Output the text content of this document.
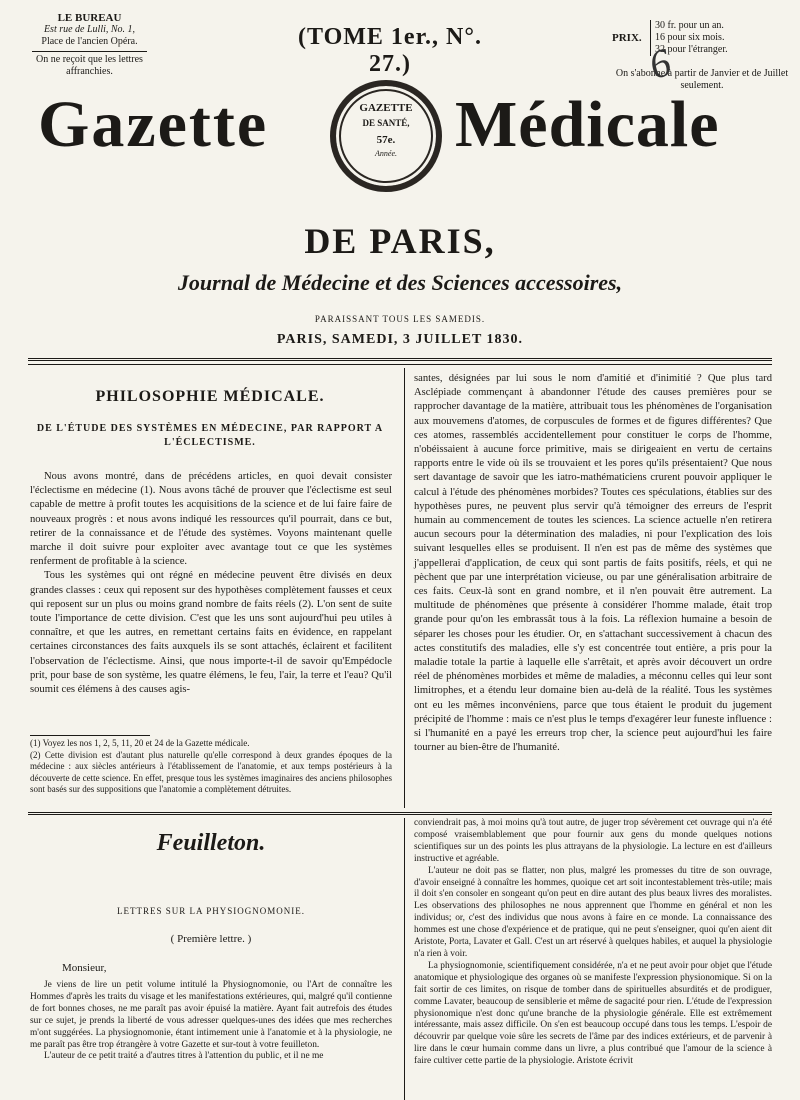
LE BUREAU
Est rue de Lulli, No. 1,
Place de l'ancien Opéra.
On ne reçoit que les lettres affranchies.
(TOME 1er., N°. 27.)
PRIX.
30 fr. pour un an.
16 pour six mois.
32 pour l'étranger.
On s'abonne à partir de Janvier et de Juillet seulement.
6
Gazette	GAZETTE
DE SANTÉ,
57e.
Année. Médicale
DE PARIS,
Journal de Médecine et des Sciences accessoires,
PARAISSANT TOUS LES SAMEDIS.
PARIS, SAMEDI, 3 JUILLET 1830.
PHILOSOPHIE MÉDICALE.
DE L'ÉTUDE DES SYSTÈMES EN MÉDECINE, PAR RAPPORT A L'ÉCLECTISME.

Nous avons montré, dans de précédens articles, en quoi devait consister l'éclectisme en médecine (1). Nous avons tâché de prouver que l'éclectisme est seul capable de mettre à profit toutes les acquisitions de la science et de lui faire faire de nouveaux progrès : et nous avons indiqué les ressources qu'il pourrait, dans ce but, retirer de la connaissance et de l'étude des systèmes. Voyons maintenant quelle marche il doit suivre pour exploiter avec avantage tout ce que les systèmes renferment de profitable à la science.

Tous les systèmes qui ont régné en médecine peuvent être divisés en deux grandes classes : ceux qui reposent sur des hypothèses complètement fausses et ceux qui reposent sur un plus ou moins grand nombre de faits réels (2). L'on sent de suite toute l'importance de cette division. C'est que les uns sont aujourd'hui peu utiles à connaître, et que les autres, en remettant certains faits en évidence, en rappelant certaines circonstances des faits auxquels ils se sont attachés, éclairent et facilitent l'observation de l'éclectisme. Ainsi, que nous importe-t-il de savoir qu'Empédocle prit, pour base de son système, les quatre élémens, le feu, l'air, la terre et l'eau? Qu'il soumit ces élémens à des causes agis-

(1) Voyez les nos 1, 2, 5, 11, 20 et 24 de la Gazette médicale.
(2) Cette division est d'autant plus naturelle qu'elle correspond à deux grandes époques de la médecine : aux siècles antérieurs à l'établissement de l'anatomie, et aux temps postérieurs à la découverte de cette science. En effet, presque tous les systèmes imaginaires des anciens philosophes sont basés sur des suppositions que l'anatomie a complètement détruites.

santes, désignées par lui sous le nom d'amitié et d'inimitié ? Que plus tard Asclépiade commençant à abandonner l'étude des causes premières pour se rapprocher davantage de la matière, attribuait tous les phénomènes de l'organisation aux mouvemens d'atomes, de corpuscules de formes et de figures différentes? Que ces atomes, rassemblés accidentellement pour constituer le corps de l'homme, n'obéissaient à aucune force primitive, mais se dirigeaient en vertu de certains rapports entre le vide où ils se trouvaient et les pores qu'ils présentaient? Que nous sert davantage de savoir que les iatro-mathématiciens crurent pouvoir appliquer le calcul à l'étude des phénomènes morbides? Toutes ces spéculations, établies sur des hypothèses pures, ne peuvent plus servir qu'à témoigner des erreurs de l'esprit humain au commencement de toutes les sciences. La science actuelle n'en retirera aucun secours pour la détermination des maladies, ni pour l'explication des lois suivant lesquelles elles se produisent. Il n'en est pas de même des systèmes que j'appellerai d'application, de ceux qui sont partis de faits positifs, réels, et qui ne pèchent que par une interprétation vicieuse, ou par une généralisation arbitraire de ces faits. Ceux-là sont en grand nombre, et il n'en pouvait être autrement. La multitude de phénomènes que présente à considérer l'homme malade, était trop grande pour qu'on les embrassât tous à la fois. La réflexion humaine a besoin de séparer les choses pour les étudier. Or, en s'attachant successivement à chacun des actes constitutifs des maladies, elle s'y est concentrée tout entière, a pris pour la maladie totale la partie à laquelle elle s'arrêtait, et après avoir découvert un ordre réel de phénomènes morbides et même de maladies, a méconnu celles qui leur sont limitrophes, et a étendu leur domaine bien au-delà de la réalité. Tous les systèmes ont eu les mêmes inconvéniens, parce que tous étaient le produit du jugement précipité de l'homme : mais ce n'est plus le temps d'exagérer leur funeste influence : si l'humanité en a payé les erreurs trop cher, la science peut aujourd'hui les faire tourner au bien-être de l'humanité.

Feuilleton.
LETTRES SUR LA PHYSIOGNOMONIE.
( Première lettre. )
Monsieur,

Je viens de lire un petit volume intitulé la Physiognomonie, ou l'Art de connaître les Hommes d'après les traits du visage et les manifestations extérieures, qui, malgré qu'il contienne de fort bonnes choses, ne me paraît pas avoir épuisé la matière. Ayant fait autrefois des études sur ce sujet, je prends la liberté de vous adresser quelques-unes des idées que mes recherches m'ont suggérées. La physiognomonie, étant intimement unie à l'anatomie et à la physiologie, ne me paraît pas être trop étrangère à votre Gazette et sur-tout à votre feuilleton.

L'auteur de ce petit traité a d'autres titres à l'attention du public, et il ne me

conviendrait pas, à moi moins qu'à tout autre, de juger trop sévèrement cet ouvrage qui n'a été composé vraisemblablement que pour fournir aux gens du monde quelques notions scientifiques sur un des points les plus attrayans de la physiologie. La lecture en est d'ailleurs instructive et agréable.

L'auteur ne doit pas se flatter, non plus, malgré les promesses du titre de son ouvrage, d'avoir enseigné à connaître les hommes, quoique cet art soit incontestablement très-utile; mais il doit s'en consoler en songeant qu'on peut en dire autant des plus beaux livres des moralistes. Les observations des philosophes ne nous apprennent que l'homme en général et non les individus; or, c'est des individus que nous avons à faire en ce monde. La connaissance des hommes est une chose d'expérience et de pratique, qui ne peut s'enseigner, quoi qu'en aient dit Aristote, Porta, Lavater et Gall. C'est un art réservé à quelques habiles, et auquel la physiologie n'a rien à voir.

La physiognomonie, scientifiquement considérée, n'a et ne peut avoir pour objet que l'étude anatomique et physiologique des organes où se manifeste l'expression physionomique. Si on la fait sortir de ces limites, on risque de tomber dans de spirituelles absurdités et de prodiguer, comme Lavater, beaucoup de sensiblerie et même de sagacité pour rien. L'étude de l'expression physionomique n'est donc qu'une branche de la physiologie générale. Elle est extrêmement intéressante, mais assez difficile. On s'en est beaucoup occupé dans tous les temps. L'espoir de découvrir par quelque voie sûre les secrets de l'âme par des indices extérieurs, et de parvenir à lire dans le cœur humain comme dans un livre, a plus contribué que l'amour de la science à faire cultiver cette partie de la physiologie. Aristote écrivit
